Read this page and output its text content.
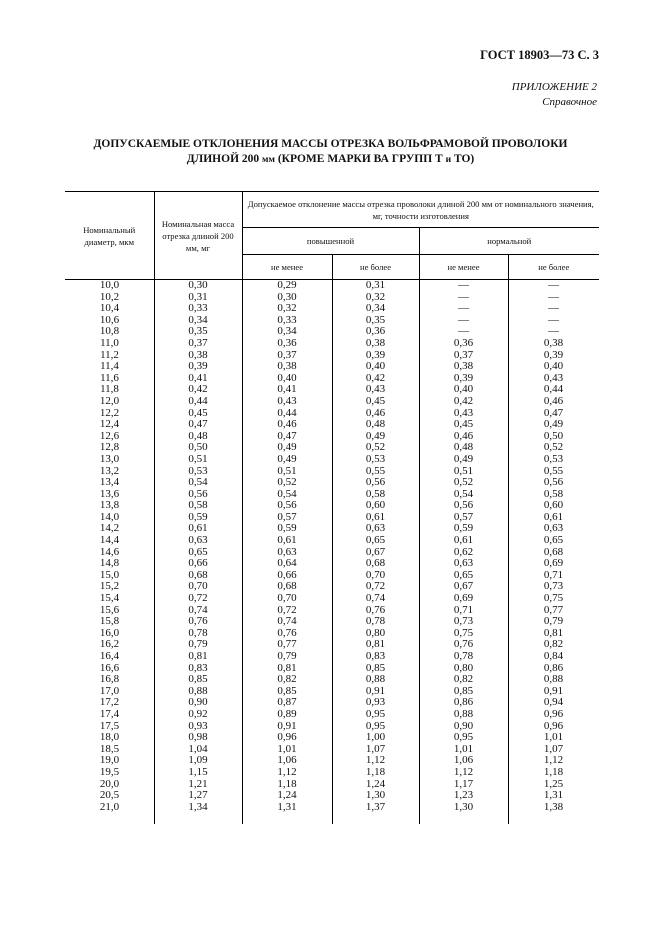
ГОСТ 18903—73 С. 3
ПРИЛОЖЕНИЕ 2
Справочное
ДОПУСКАЕМЫЕ ОТКЛОНЕНИЯ МАССЫ ОТРЕЗКА ВОЛЬФРАМОВОЙ ПРОВОЛОКИ
ДЛИНОЙ 200 мм (КРОМЕ МАРКИ ВА ГРУПП Т и ТО)
Номинальный диаметр, мкм	Номинальная масса отрезка длиной 200 мм, мг	Допускаемое отклонение массы отрезка проволоки длиной 200 мм от номинального значения, мг, точности изготовления			
		повышенной		нормальной	
		не менее	не более	не менее	не более
10,0	0,30	0,29	0,31	—	—
10,2	0,31	0,30	0,32	—	—
10,4	0,33	0,32	0,34	—	—
10,6	0,34	0,33	0,35	—	—
10,8	0,35	0,34	0,36	—	—
11,0	0,37	0,36	0,38	0,36	0,38
11,2	0,38	0,37	0,39	0,37	0,39
11,4	0,39	0,38	0,40	0,38	0,40
11,6	0,41	0,40	0,42	0,39	0,43
11,8	0,42	0,41	0,43	0,40	0,44
12,0	0,44	0,43	0,45	0,42	0,46
12,2	0,45	0,44	0,46	0,43	0,47
12,4	0,47	0,46	0,48	0,45	0,49
12,6	0,48	0,47	0,49	0,46	0,50
12,8	0,50	0,49	0,52	0,48	0,52
13,0	0,51	0,49	0,53	0,49	0,53
13,2	0,53	0,51	0,55	0,51	0,55
13,4	0,54	0,52	0,56	0,52	0,56
13,6	0,56	0,54	0,58	0,54	0,58
13,8	0,58	0,56	0,60	0,56	0,60
14,0	0,59	0,57	0,61	0,57	0,61
14,2	0,61	0,59	0,63	0,59	0,63
14,4	0,63	0,61	0,65	0,61	0,65
14,6	0,65	0,63	0,67	0,62	0,68
14,8	0,66	0,64	0,68	0,63	0,69
15,0	0,68	0,66	0,70	0,65	0,71
15,2	0,70	0,68	0,72	0,67	0,73
15,4	0,72	0,70	0,74	0,69	0,75
15,6	0,74	0,72	0,76	0,71	0,77
15,8	0,76	0,74	0,78	0,73	0,79
16,0	0,78	0,76	0,80	0,75	0,81
16,2	0,79	0,77	0,81	0,76	0,82
16,4	0,81	0,79	0,83	0,78	0,84
16,6	0,83	0,81	0,85	0,80	0,86
16,8	0,85	0,82	0,88	0,82	0,88
17,0	0,88	0,85	0,91	0,85	0,91
17,2	0,90	0,87	0,93	0,86	0,94
17,4	0,92	0,89	0,95	0,88	0,96
17,5	0,93	0,91	0,95	0,90	0,96
18,0	0,98	0,96	1,00	0,95	1,01
18,5	1,04	1,01	1,07	1,01	1,07
19,0	1,09	1,06	1,12	1,06	1,12
19,5	1,15	1,12	1,18	1,12	1,18
20,0	1,21	1,18	1,24	1,17	1,25
20,5	1,27	1,24	1,30	1,23	1,31
21,0	1,34	1,31	1,37	1,30	1,38
